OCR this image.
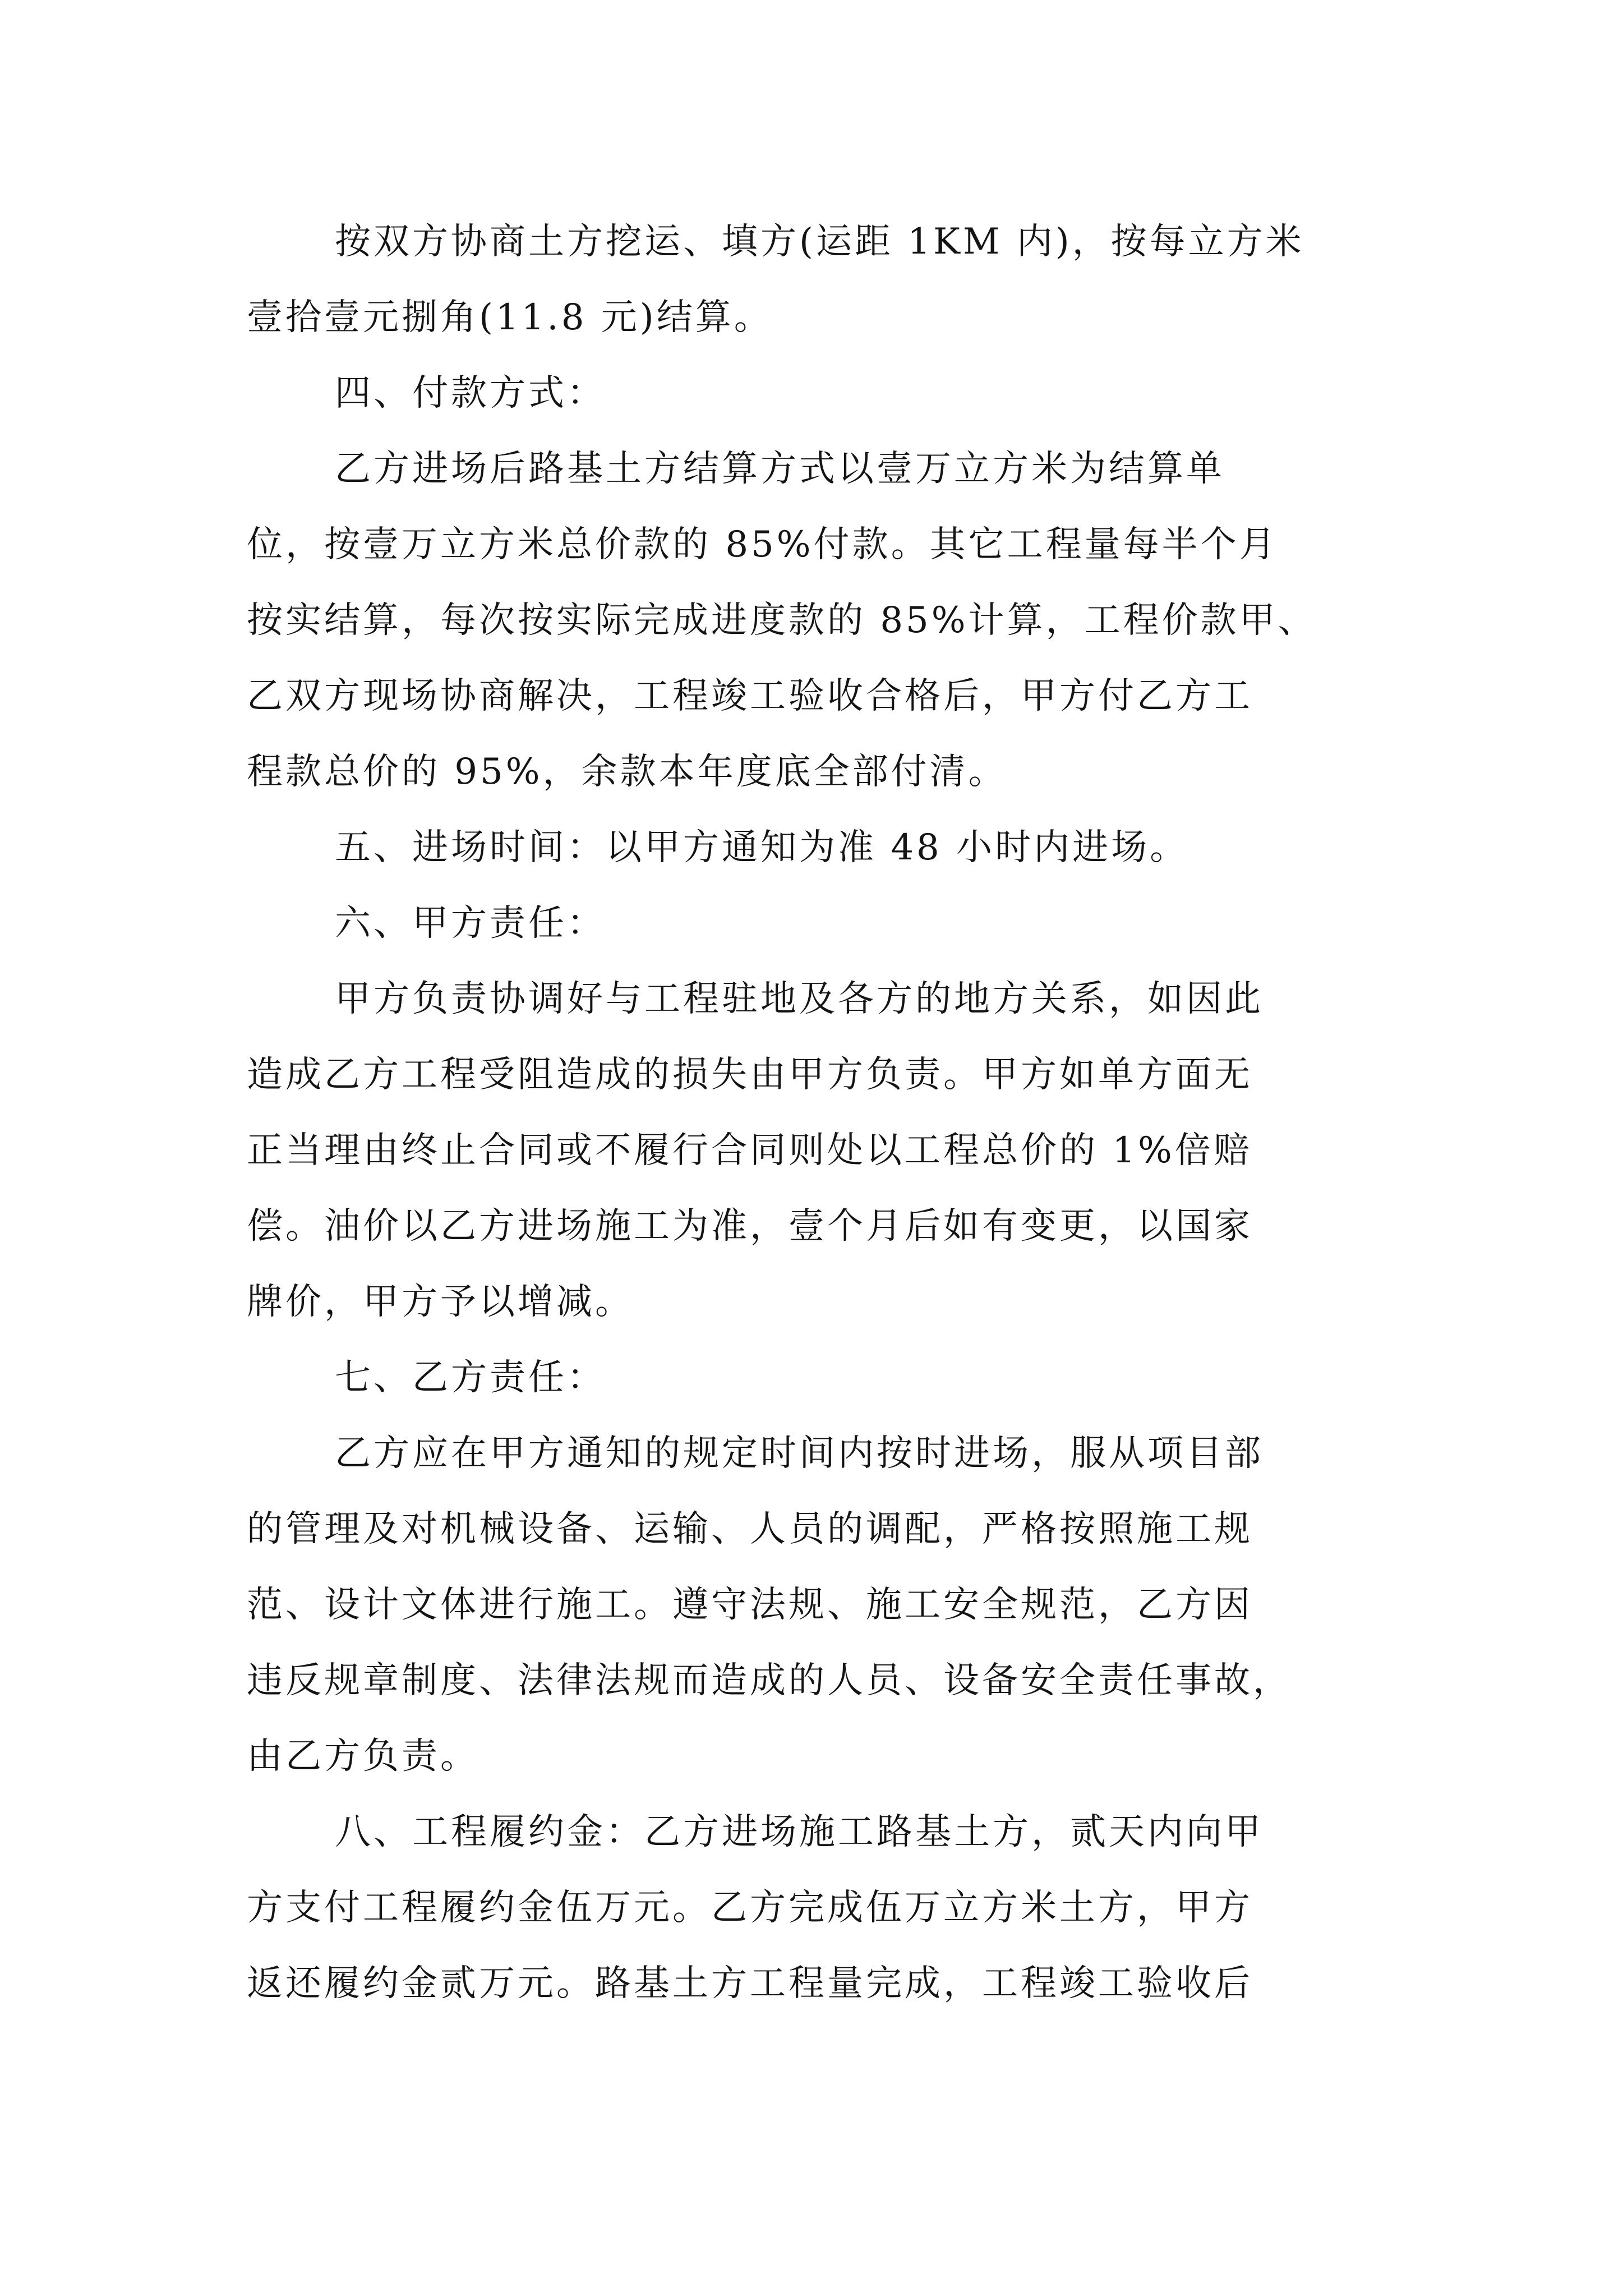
按双方协商土方挖运、填方(运距 1KM 内)，按每立方米
壹拾壹元捌角(11.8 元)结算。
四、付款方式：
乙方进场后路基土方结算方式以壹万立方米为结算单
位，按壹万立方米总价款的 85%付款。其它工程量每半个月
按实结算，每次按实际完成进度款的 85%计算，工程价款甲、
乙双方现场协商解决，工程竣工验收合格后，甲方付乙方工
程款总价的 95%，余款本年度底全部付清。
五、进场时间：以甲方通知为准 48 小时内进场。
六、甲方责任：
甲方负责协调好与工程驻地及各方的地方关系，如因此
造成乙方工程受阻造成的损失由甲方负责。甲方如单方面无
正当理由终止合同或不履行合同则处以工程总价的 1%倍赔
偿。油价以乙方进场施工为准，壹个月后如有变更，以国家
牌价，甲方予以增减。
七、乙方责任：
乙方应在甲方通知的规定时间内按时进场，服从项目部
的管理及对机械设备、运输、人员的调配，严格按照施工规
范、设计文体进行施工。遵守法规、施工安全规范，乙方因
违反规章制度、法律法规而造成的人员、设备安全责任事故，
由乙方负责。
八、工程履约金：乙方进场施工路基土方，贰天内向甲
方支付工程履约金伍万元。乙方完成伍万立方米土方，甲方
返还履约金贰万元。路基土方工程量完成，工程竣工验收后
